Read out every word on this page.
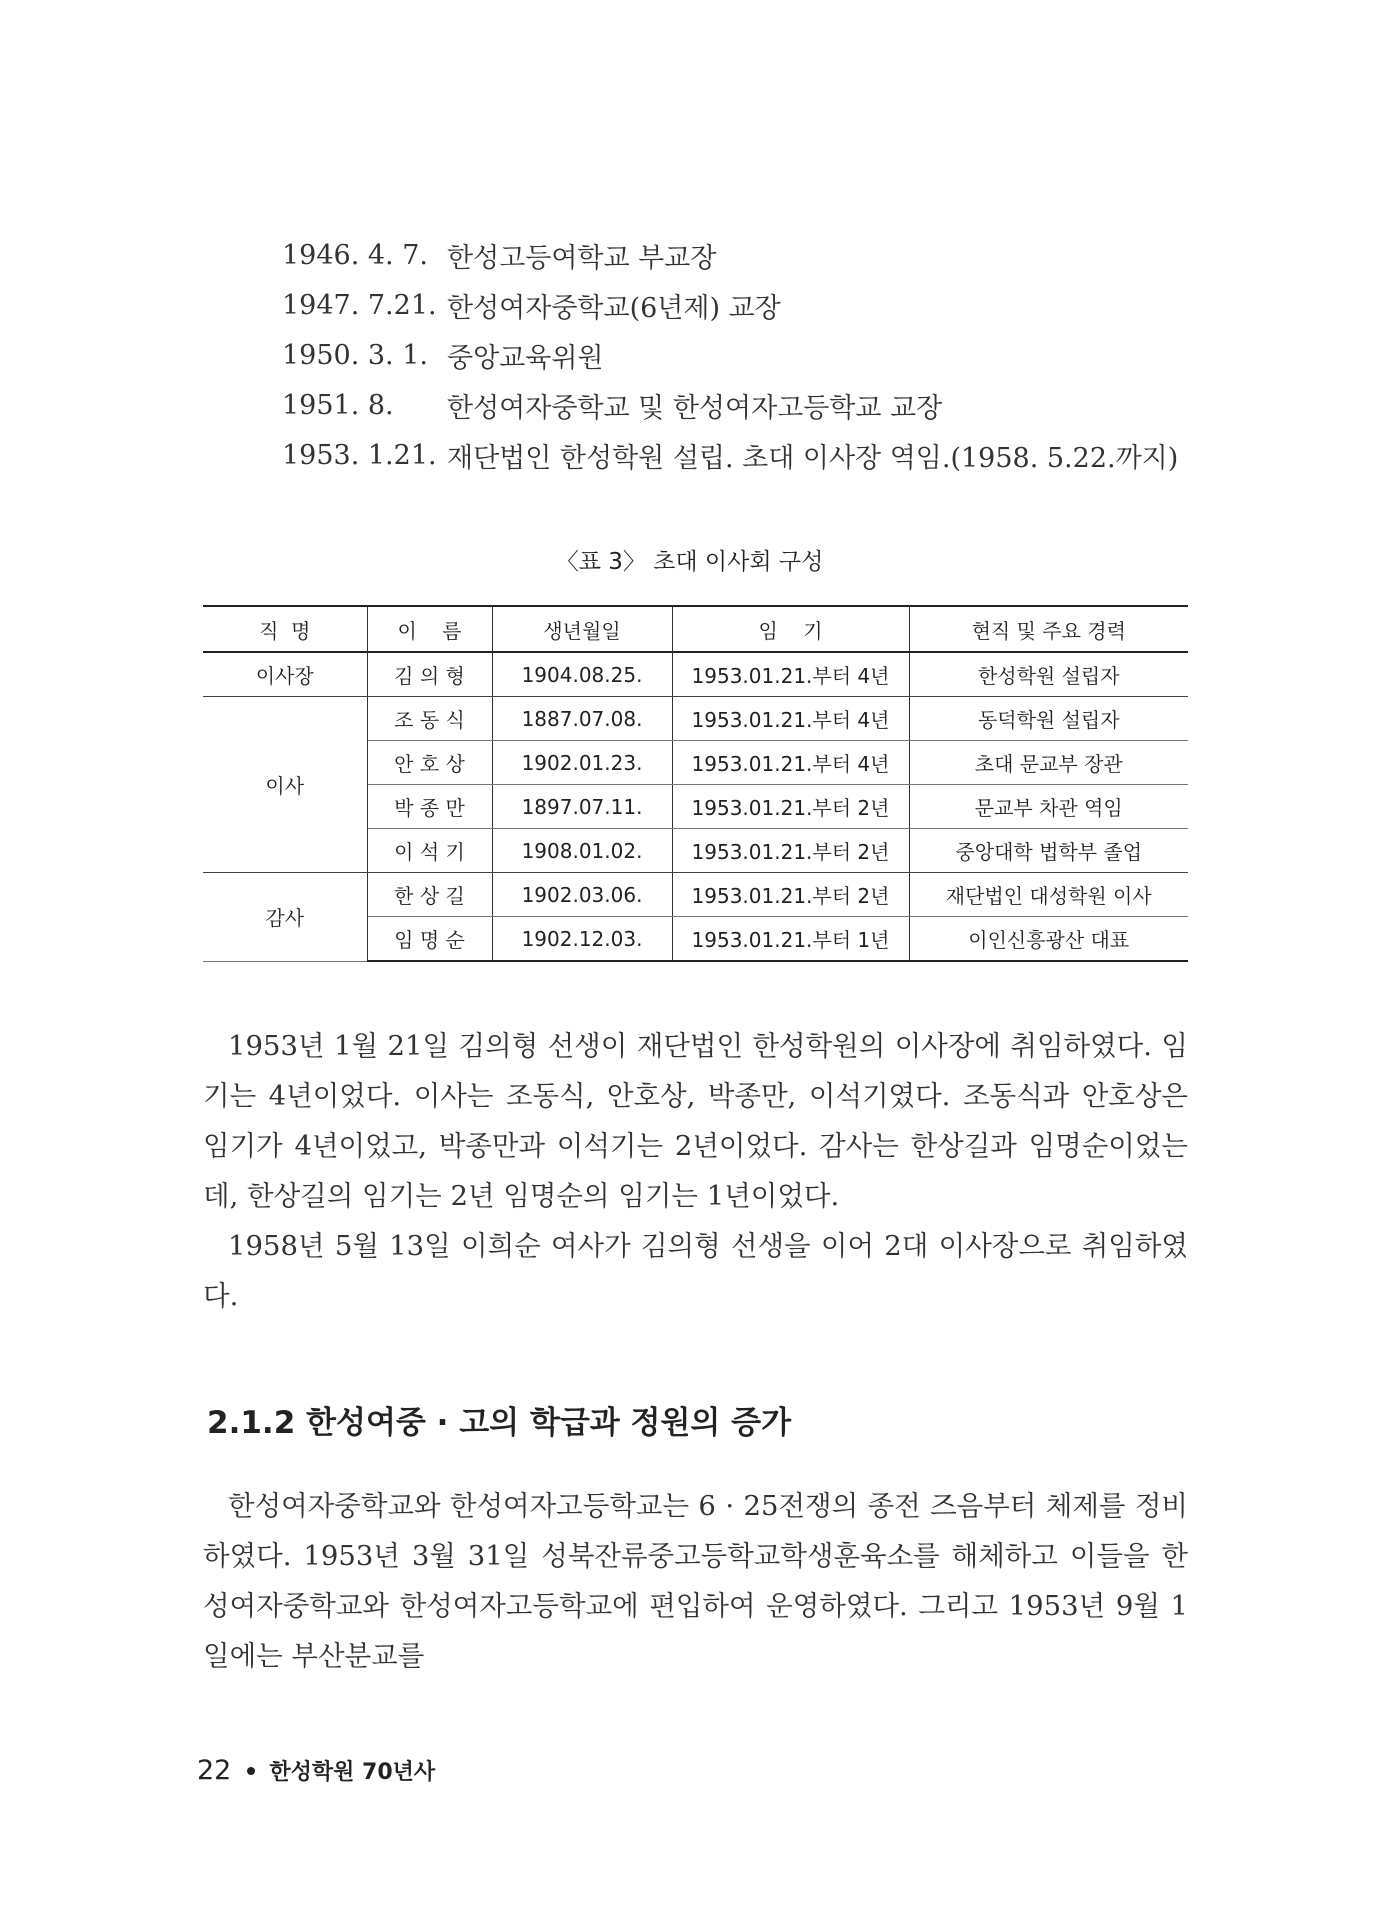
1946. 4. 7. 한성고등여학교 부교장
1947. 7.21. 한성여자중학교(6년제) 교장
1950. 3. 1. 중앙교육위원
1951. 8.	한성여자중학교 및 한성여자고등학교 교장
1953. 1.21. 재단법인 한성학원 설립. 초대 이사장 역임.(1958. 5.22.까지)
〈표 3〉 초대 이사회 구성
직  명	이    름	생년월일	임    기	현직 및 주요 경력
이사장	김 의 형	1904.08.25.	1953.01.21.부터 4년	한성학원 설립자
이사	조 동 식	1887.07.08.	1953.01.21.부터 4년	동덕학원 설립자
	안 호 상	1902.01.23.	1953.01.21.부터 4년	초대 문교부 장관
	박 종 만	1897.07.11.	1953.01.21.부터 2년	문교부 차관 역임
	이 석 기	1908.01.02.	1953.01.21.부터 2년	중앙대학 법학부 졸업
감사	한 상 길	1902.03.06.	1953.01.21.부터 2년	재단법인 대성학원 이사
	임 명 순	1902.12.03.	1953.01.21.부터 1년	이인신흥광산 대표

1953년 1월 21일 김의형 선생이 재단법인 한성학원의 이사장에 취임하였다. 임기는 4년이었다. 이사는 조동식, 안호상, 박종만, 이석기였다. 조동식과 안호상은 임기가 4년이었고, 박종만과 이석기는 2년이었다. 감사는 한상길과 임명순이었는데, 한상길의 임기는 2년 임명순의 임기는 1년이었다.

1958년 5월 13일 이희순 여사가 김의형 선생을 이어 2대 이사장으로 취임하였다.

2.1.2 한성여중 · 고의 학급과 정원의 증가

한성여자중학교와 한성여자고등학교는 6 · 25전쟁의 종전 즈음부터 체제를 정비하였다. 1953년 3월 31일 성북잔류중고등학교학생훈육소를 해체하고 이들을 한성여자중학교와 한성여자고등학교에 편입하여 운영하였다. 그리고 1953년 9월 1일에는 부산분교를

22 한성학원 70년사
